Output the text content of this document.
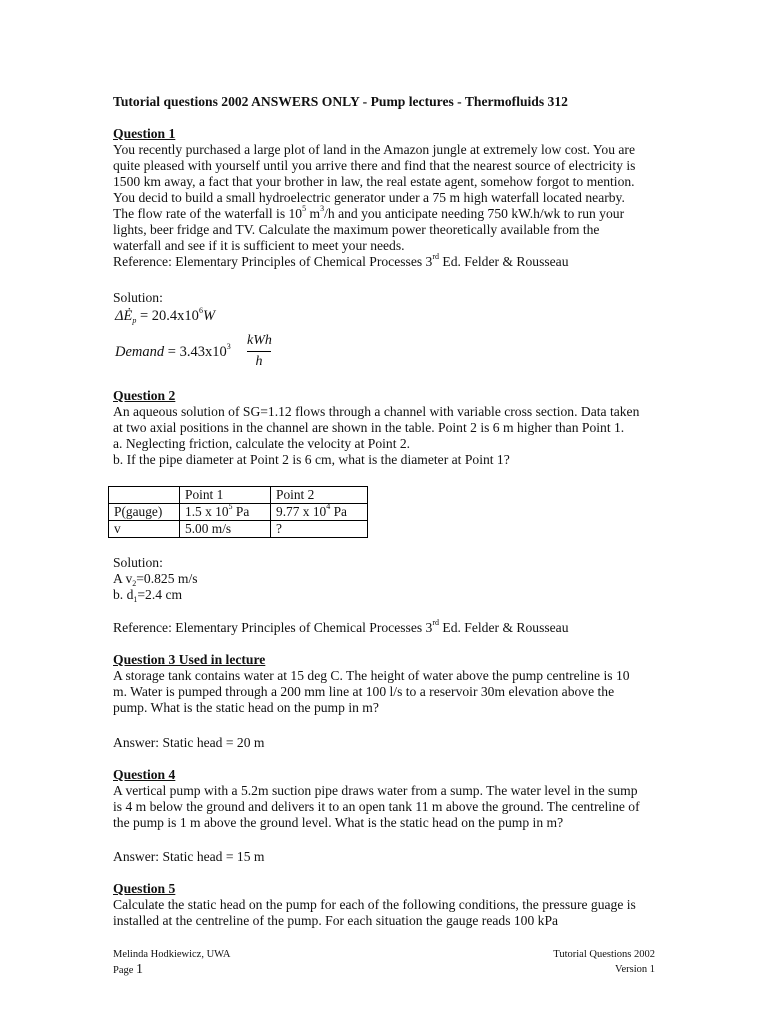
Tutorial questions 2002 ANSWERS ONLY - Pump lectures - Thermofluids 312
Question 1
You recently purchased a large plot of land in the Amazon jungle at extremely low cost. You are
quite pleased with yourself until you arrive there and find that the nearest source of electricity is
1500 km away, a fact that your brother in law, the real estate agent, somehow forgot to mention.
You decid to build a small hydroelectric generator under a 75 m high waterfall located nearby.
The flow rate of the waterfall is $10^5$ $m^3/h$ and you anticipate needing 750 kW.h/wk to run your
lights, beer fridge and TV. Calculate the maximum power theoretically available from the
waterfall and see if it is sufficient to meet your needs.
Reference: Elementary Principles of Chemical Processes 3rd Ed. Felder & Rousseau
Solution:
$\Delta Ė_p = 20.4x10^6W$
Demand = $3.43x10^3$ kWh
h
Question 2
An aqueous solution of SG=1.12 flows through a channel with variable cross section. Data taken
at two axial positions in the channel are shown in the table. Point 2 is 6 m higher than Point 1.
a. Neglecting friction, calculate the velocity at Point 2.
b. If the pipe diameter at Point 2 is 6 cm, what is the diameter at Point 1?
	Point 1	Point 2
P(gauge)	1.5 x $10^5$ Pa	9.77 x $10^4$ Pa
v	5.00 m/s	?
Solution:
A $v_2=0.825$ m/s
b. $d_1=2.4$ cm
Reference: Elementary Principles of Chemical Processes 3rd Ed. Felder & Rousseau
Question 3 Used in lecture
A storage tank contains water at 15 deg C. The height of water above the pump centreline is 10
m. Water is pumped through a 200 mm line at 100 l/s to a reservoir 30m elevation above the
pump. What is the static head on the pump in m?
Answer: Static head = 20 m
Question 4
A vertical pump with a 5.2m suction pipe draws water from a sump. The water level in the sump
is 4 m below the ground and delivers it to an open tank 11 m above the ground. The centreline of
the pump is 1 m above the ground level. What is the static head on the pump in m?
Answer: Static head = 15 m
Question 5
Calculate the static head on the pump for each of the following conditions, the pressure guage is
installed at the centreline of the pump. For each situation the gauge reads 100 kPa
Melinda Hodkiewicz, UWA
Page 1
Tutorial Questions 2002
Version 1
